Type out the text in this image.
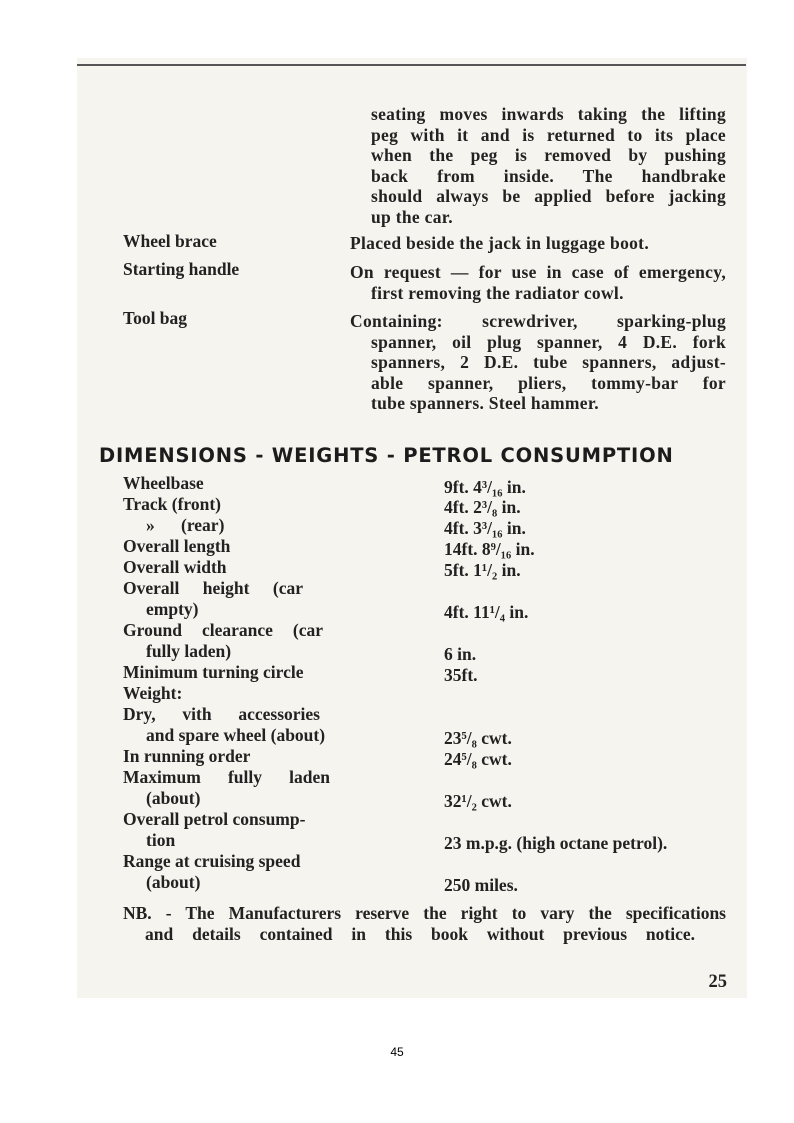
seating moves inwards taking the lifting
peg with it and is returned to its place
when the peg is removed by pushing
back from inside. The handbrake
should always be applied before jacking
up the car.
Wheel brace	Placed beside the jack in luggage boot.
Starting handle	On request — for use in case of emergency,
first removing the radiator cowl.
Tool bag	Containing: screwdriver, sparking-plug
spanner, oil plug spanner, 4 D.E. fork
spanners, 2 D.E. tube spanners, adjust-
able spanner, pliers, tommy-bar for
tube spanners. Steel hammer.
DIMENSIONS - WEIGHTS - PETROL CONSUMPTION
Wheelbase	9ft. 4³/₁₆ in.
Track (front)	4ft. 2³/₈ in.
»      (rear)	4ft. 3³/₁₆ in.
Overall length	14ft. 8⁹/₁₆ in.
Overall width	5ft. 1¹/₂ in.
Overall height (car
empty)	4ft. 11¹/₄ in.
Ground clearance (car
fully laden)	6 in.
Minimum turning circle	35ft.
Weight:
Dry, vith accessories
and spare wheel (about)	23⁵/₈ cwt.
In running order	24⁵/₈ cwt.
Maximum fully laden
(about)	32¹/₂ cwt.
Overall petrol consump-
tion	23 m.p.g. (high octane petrol).
Range at cruising speed
(about)	250 miles.
NB. - The Manufacturers reserve the right to vary the specifications
and details contained in this book without previous notice.
25
45
